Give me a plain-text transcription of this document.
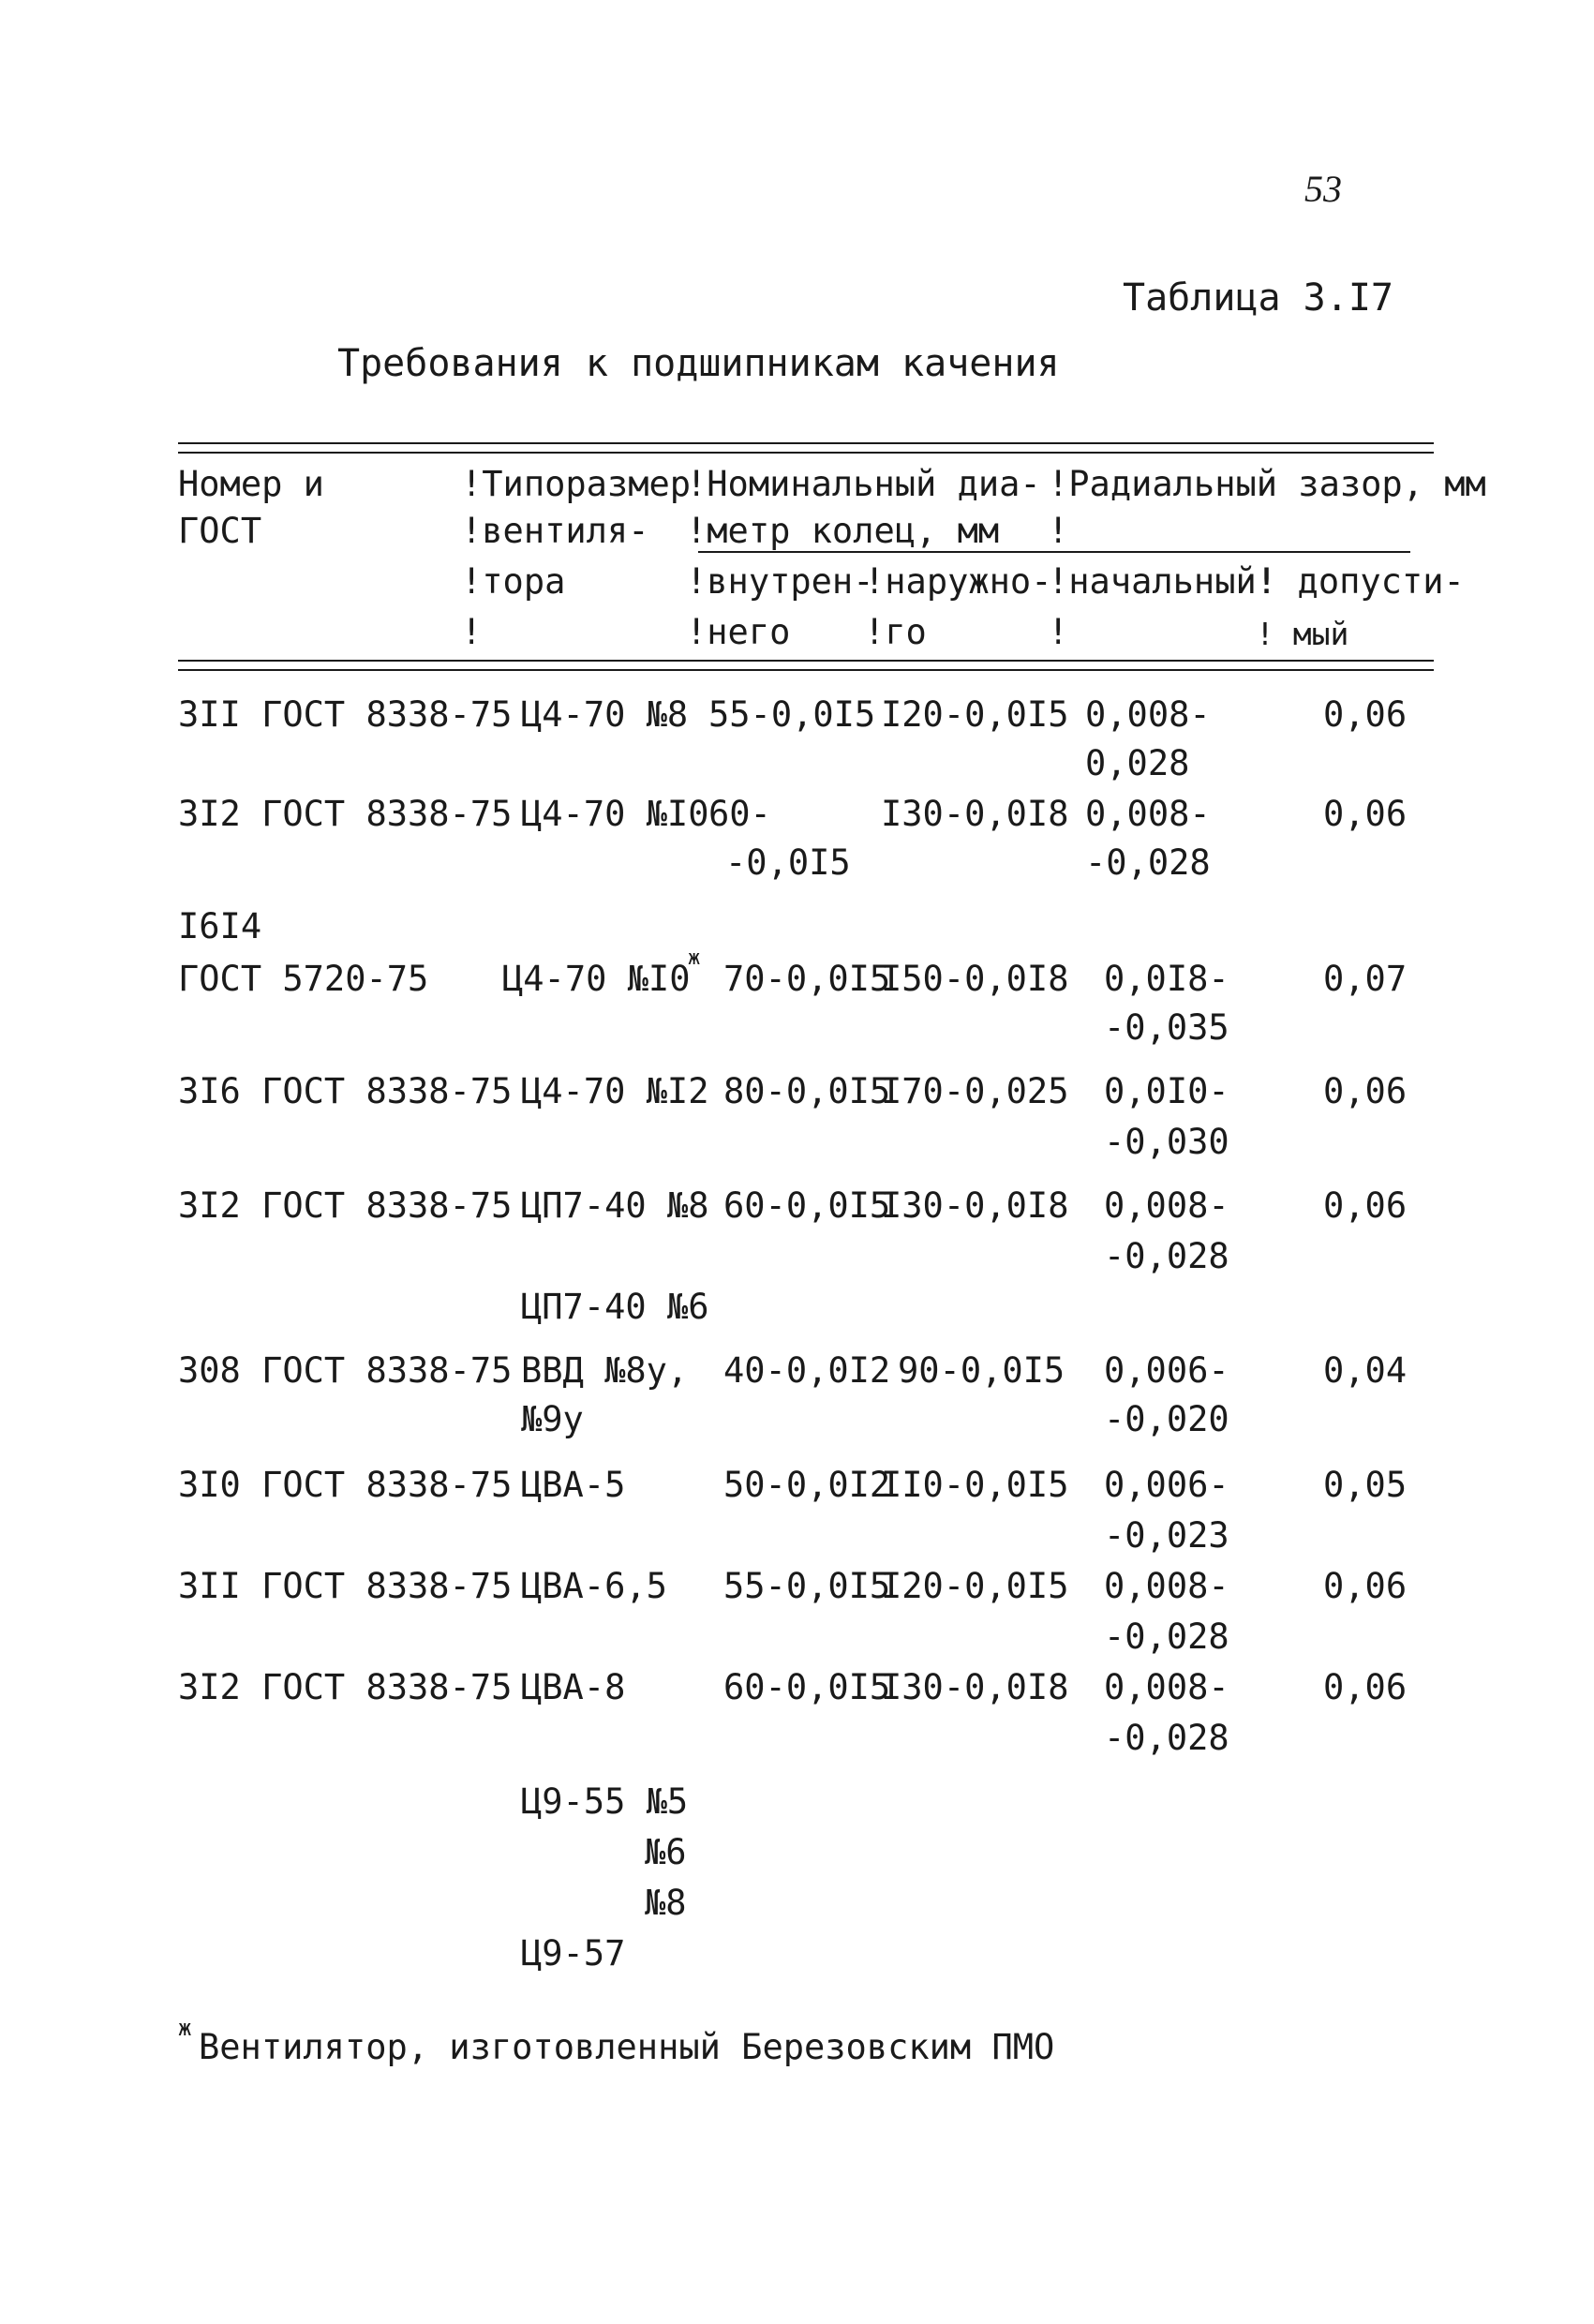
53
Таблица 3.I7
Требования к подшипникам качения
Номер и
ГОСТ
!Типоразмер
!вентиля-
!тора
!
!Номинальный диа-
!метр колец, мм
!внутрен-
!него
!наружно-
!го
!Радиальный зазор, мм
!
!начальный!
!
! допусти-
! мый
3II ГОСТ 8338-75 Ц4-70 №8 55-0,0I5 I20-0,0I5 0,008-
0,028
0,06
3I2 ГОСТ 8338-75 Ц4-70 №I0 60-
-0,0I5
I30-0,0I8 0,008-
-0,028
0,06
I6I4
ГОСТ 5720-75 Ц4-70 №I0
ж
70-0,0I5
I50-0,0I8 0,0I8-
-0,035
0,07
3I6 ГОСТ 8338-75 Ц4-70 №I2 80-0,0I5
I70-0,025 0,0I0-
-0,030
0,06
3I2 ГОСТ 8338-75 ЦП7-40 №8
ЦП7-40 №6
60-0,0I5
I30-0,0I8 0,008-
-0,028
0,06
308 ГОСТ 8338-75 ВВД №8у,
№9у
40-0,0I2 90-0,0I5 0,006-
-0,020
0,04
3I0 ГОСТ 8338-75 ЦВА-5	50-0,0I2
II0-0,0I5 0,006-
-0,023
0,05
3II ГОСТ 8338-75 ЦВА-6,5 55-0,0I5
I20-0,0I5 0,008-
-0,028
0,06
3I2 ГОСТ 8338-75 ЦВА-8	60-0,0I5
I30-0,0I8 0,008-
-0,028
0,06
Ц9-55 №5
№6
№8
Ц9-57
ж Вентилятор, изготовленный Березовским ПМО
